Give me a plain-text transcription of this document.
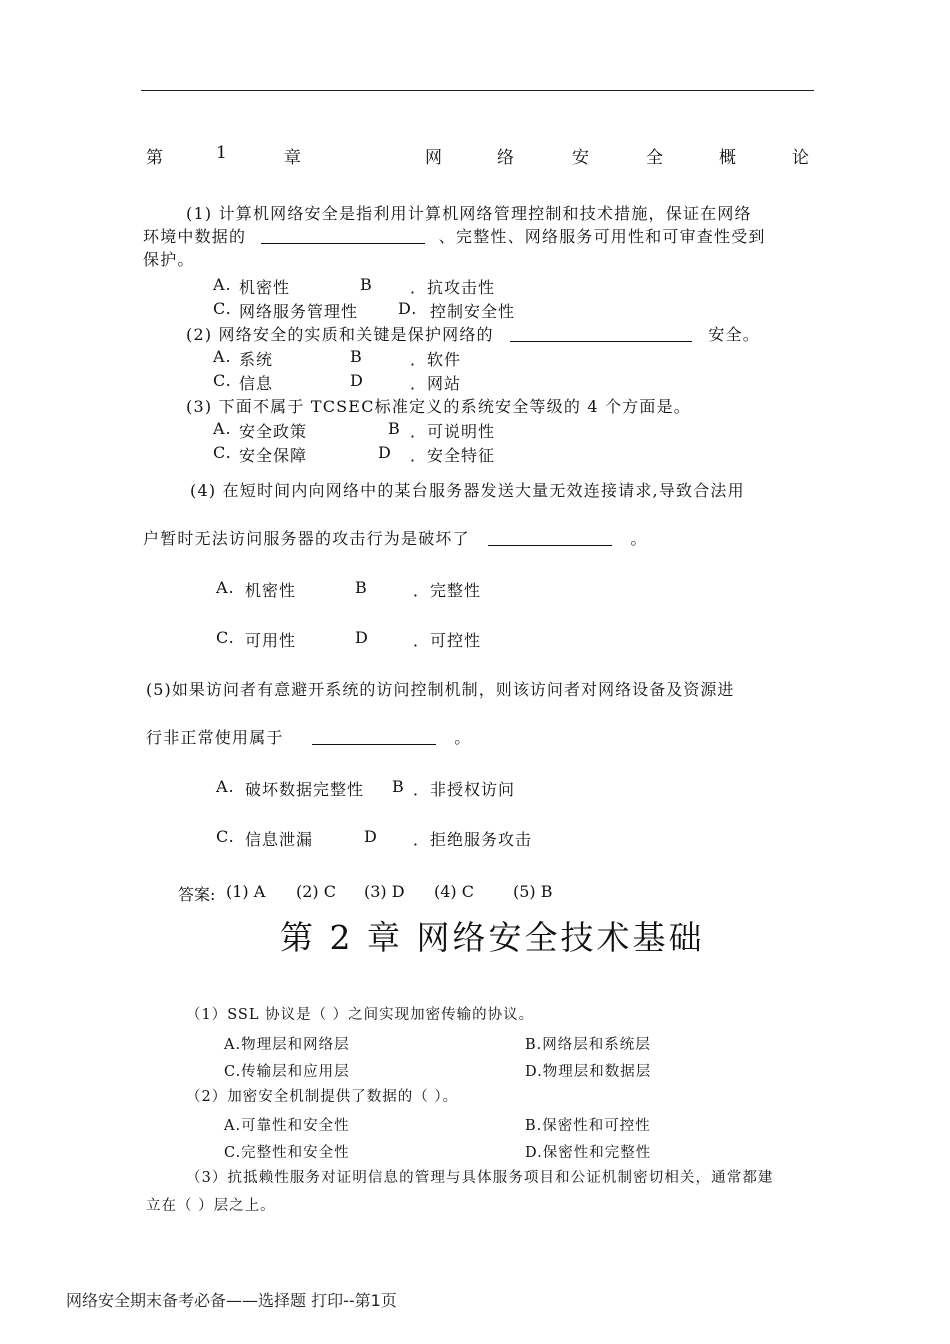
第	1	章	网	络	安	全	概	论
(1) 计算机网络安全是指利用计算机网络管理控制和技术措施，保证在网络
环境中数据的	、完整性、网络服务可用性和可审查性受到
保护。
A. 机密性	B ．抗攻击性
C. 网络服务管理性 D. 控制安全性
(2) 网络安全的实质和关键是保护网络的	安全。
A. 系统	B	．软件
C. 信息	D	．网站
(3) 下面不属于 TCSEC标准定义的系统安全等级的 4 个方面是。
A. 安全政策	B ．可说明性
C. 安全保障	D ．安全特征
(4) 在短时间内向网络中的某台服务器发送大量无效连接请求,导致合法用
户暂时无法访问服务器的攻击行为是破坏了	。
A. 机密性	B	．完整性
C. 可用性	D	．可控性
(5)如果访问者有意避开系统的访问控制机制，则该访问者对网络设备及资源进
行非正常使用属于	。
A. 破坏数据完整性 B ．非授权访问
C. 信息泄漏	D ．拒绝服务攻击
答案: (1) A (2) C (3) D (4) C (5) B
第 2 章 网络安全技术基础
（1）SSL 协议是（ ）之间实现加密传输的协议。
A.物理层和网络层	B.网络层和系统层
C.传输层和应用层	D.物理层和数据层
（2）加密安全机制提供了数据的（ ）。
A.可靠性和安全性	B.保密性和可控性
C.完整性和安全性	D.保密性和完整性
（3）抗抵赖性服务对证明信息的管理与具体服务项目和公证机制密切相关，通常都建
立在（ ）层之上。
网络安全期末备考必备——选择题 打印--第1页
